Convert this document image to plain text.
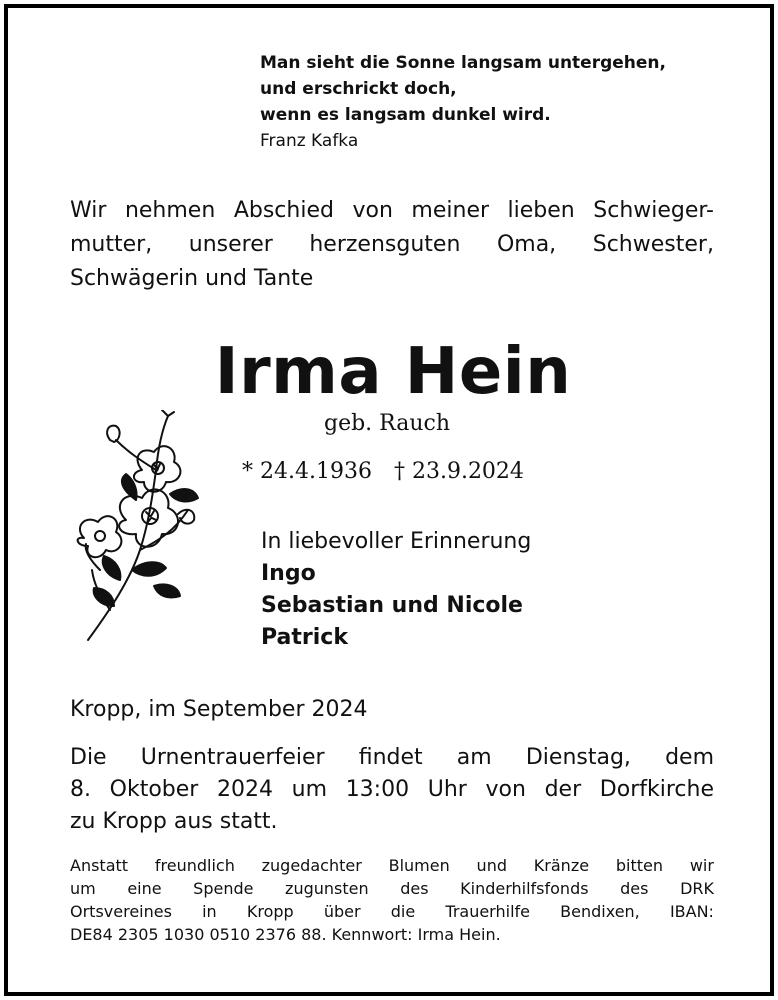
Man sieht die Sonne langsam untergehen,
und erschrickt doch,
wenn es langsam dunkel wird.
Franz Kafka
Wir nehmen Abschied von meiner lieben Schwieger-
mutter, unserer herzensguten Oma, Schwester,
Schwägerin und Tante
Irma Hein
geb. Rauch
* 24.4.1936 † 23.9.2024
In liebevoller Erinnerung
Ingo
Sebastian und Nicole
Patrick
Kropp, im September 2024
Die Urnentrauerfeier findet am Dienstag, dem
8. Oktober 2024 um 13:00 Uhr von der Dorfkirche
zu Kropp aus statt.
Anstatt freundlich zugedachter Blumen und Kränze bitten wir
um eine Spende zugunsten des Kinderhilfsfonds des DRK
Ortsvereines in Kropp über die Trauerhilfe Bendixen, IBAN:
DE84 2305 1030 0510 2376 88. Kennwort: Irma Hein.
